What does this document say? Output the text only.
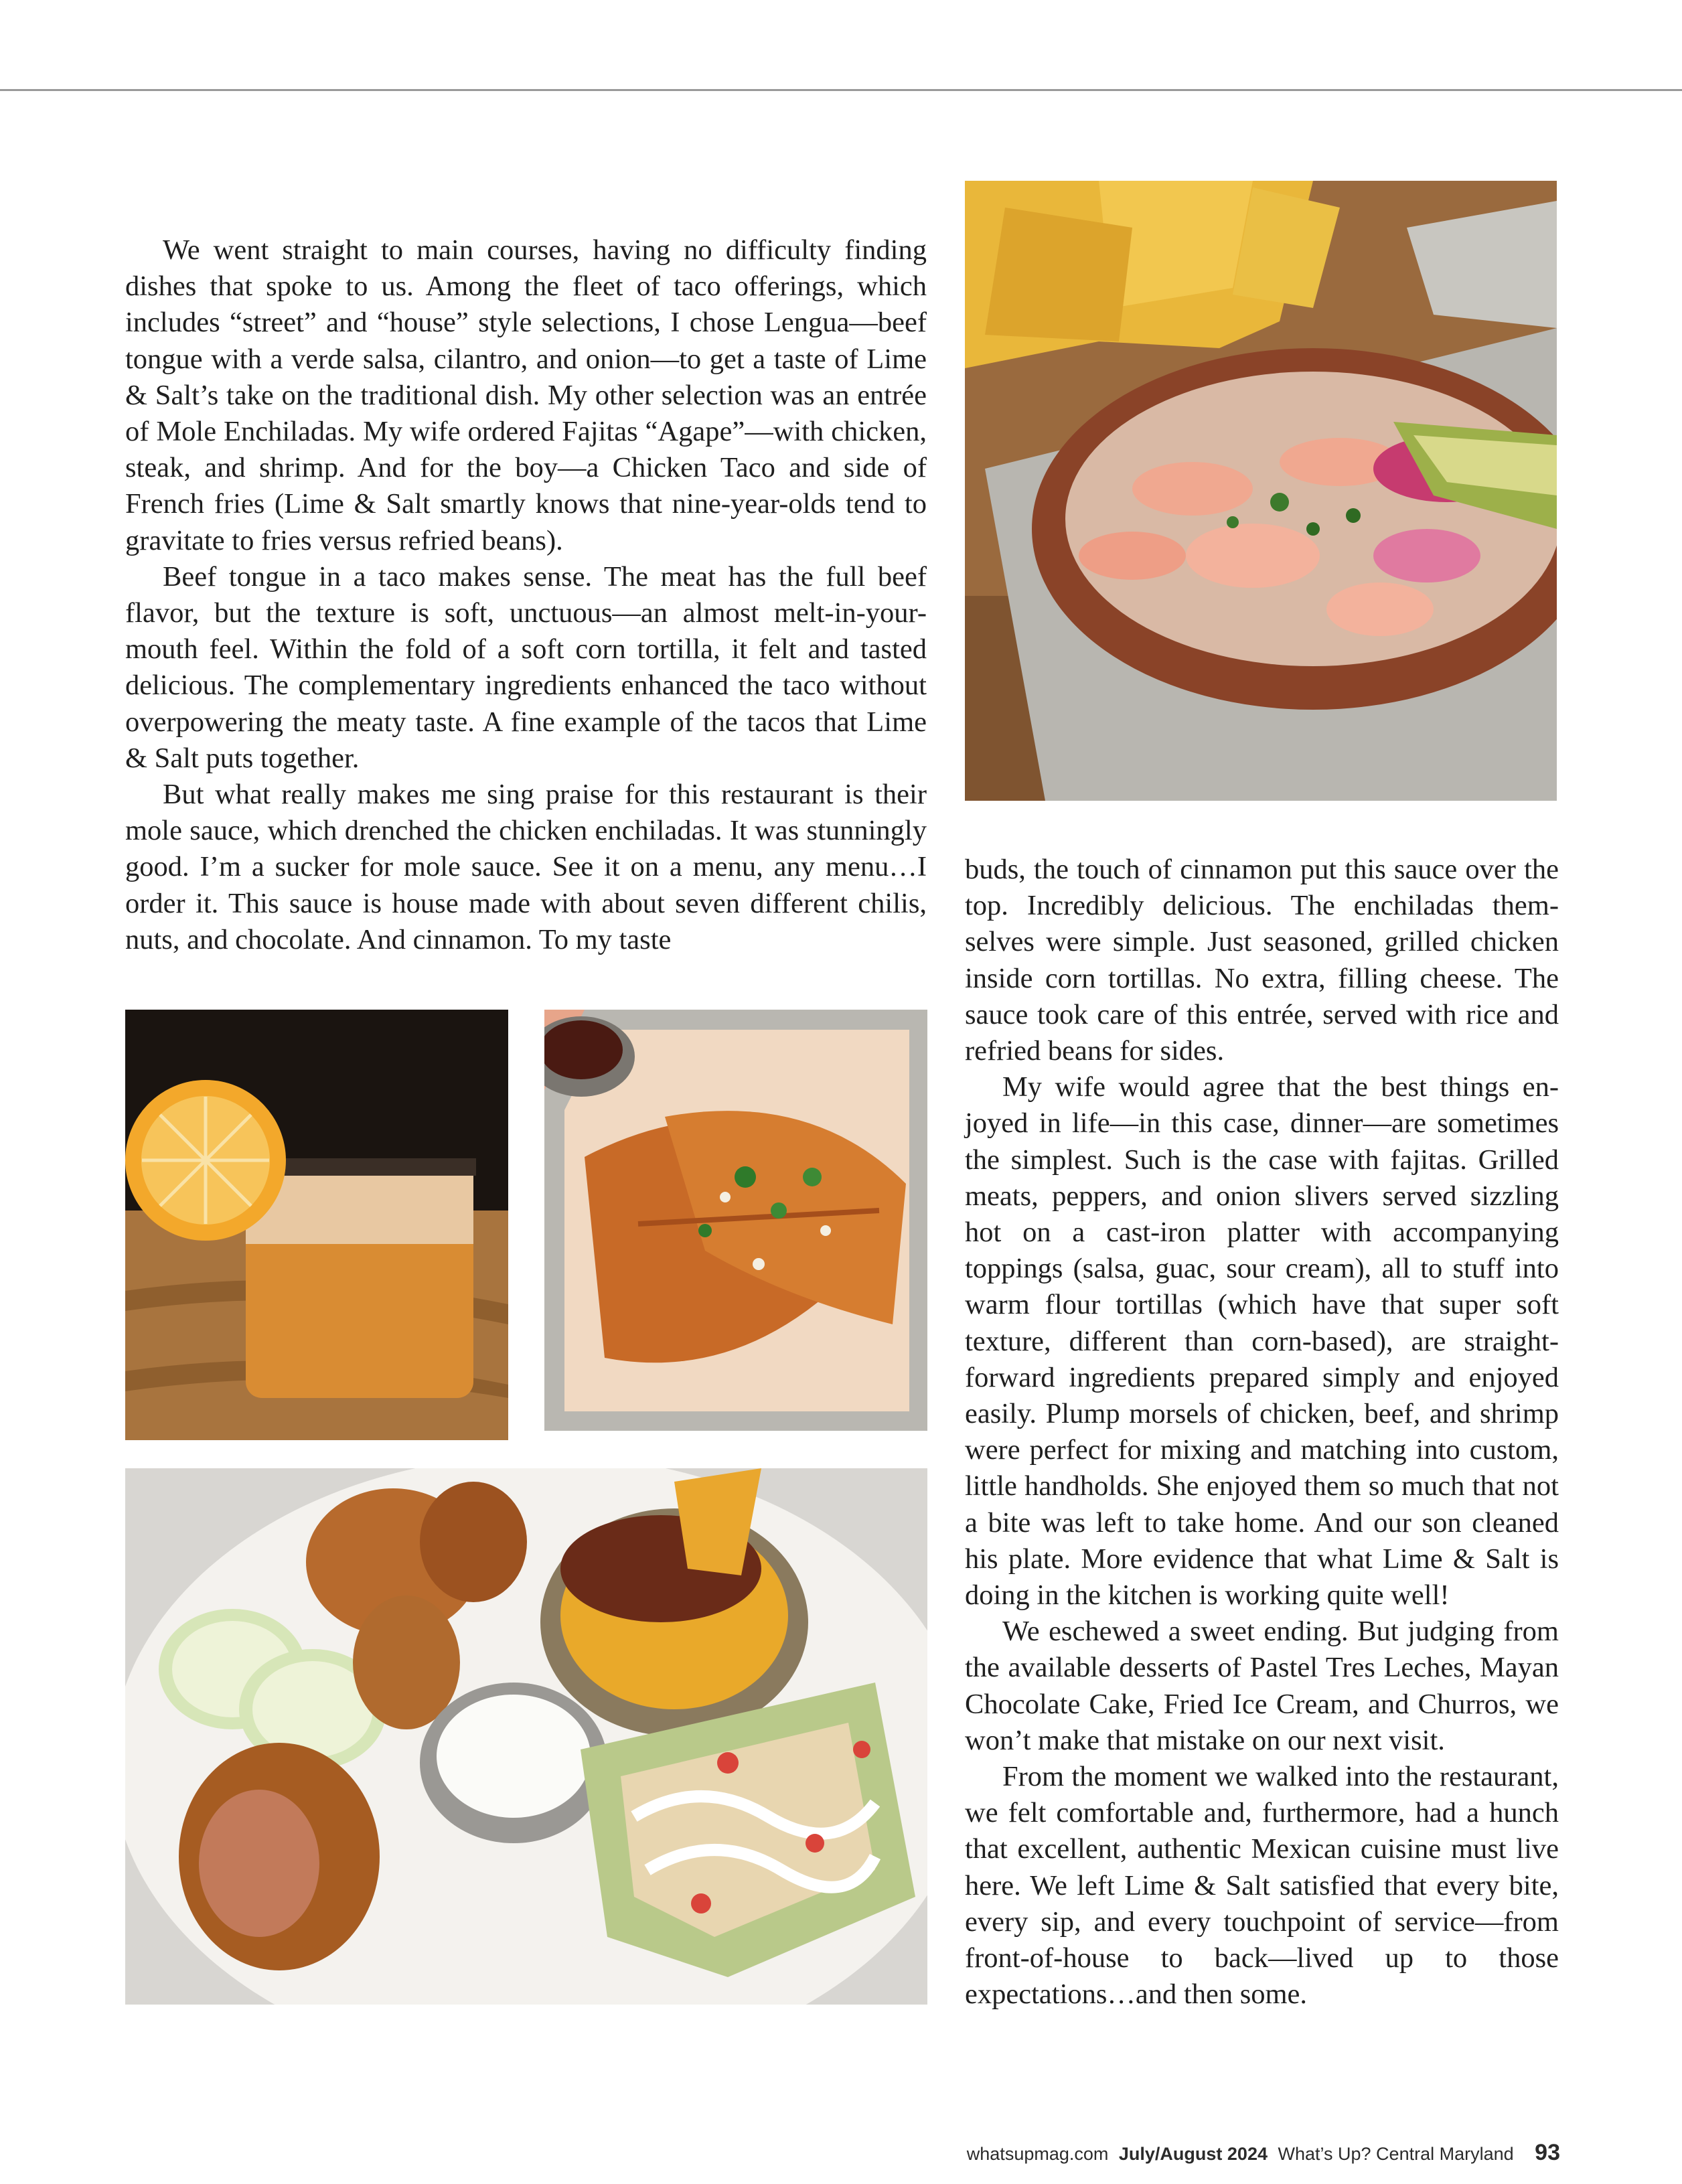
We went straight to main courses, having no difficulty finding dishes that spoke to us. Among the fleet of taco offerings, which includes “street” and “house” style selections, I chose Lengua—beef tongue with a verde salsa, cilantro, and onion—to get a taste of Lime & Salt’s take on the traditional dish. My other selection was an entrée of Mole Enchiladas. My wife ordered Fajitas “Agape”—with chicken, steak, and shrimp. And for the boy—a Chicken Taco and side of French fries (Lime & Salt smartly knows that nine-year-olds tend to gravitate to fries versus refried beans).

Beef tongue in a taco makes sense. The meat has the full beef flavor, but the texture is soft, unctuous—an almost melt-in-your-mouth feel. Within the fold of a soft corn tortilla, it felt and tasted delicious. The complementary ingredients enhanced the taco without overpowering the meaty taste. A fine example of the tacos that Lime & Salt puts together.

But what really makes me sing praise for this restaurant is their mole sauce, which drenched the chicken enchiladas. It was stunningly good. I’m a sucker for mole sauce. See it on a menu, any menu…I order it. This sauce is house made with about seven different chilis, nuts, and chocolate. And cinnamon. To my taste

buds, the touch of cinnamon put this sauce over the top. Incredibly delicious. The enchiladas themselves were simple. Just seasoned, grilled chicken inside corn tortillas. No extra, filling cheese. The sauce took care of this entrée, served with rice and refried beans for sides.

My wife would agree that the best things enjoyed in life—in this case, dinner—are sometimes the simplest. Such is the case with fajitas. Grilled meats, peppers, and onion slivers served sizzling hot on a cast-iron platter with accompanying toppings (salsa, guac, sour cream), all to stuff into warm flour tortillas (which have that super soft texture, different than corn-based), are straightforward ingredients prepared simply and enjoyed easily. Plump morsels of chicken, beef, and shrimp were perfect for mixing and matching into custom, little handholds. She enjoyed them so much that not a bite was left to take home. And our son cleaned his plate. More evidence that what Lime & Salt is doing in the kitchen is working quite well!

We eschewed a sweet ending. But judging from the available desserts of Pastel Tres Leches, Mayan Chocolate Cake, Fried Ice Cream, and Churros, we won’t make that mistake on our next visit.

From the moment we walked into the restaurant, we felt comfortable and, furthermore, had a hunch that excellent, authentic Mexican cuisine must live here. We left Lime & Salt satisfied that every bite, every sip, and every touchpoint of service—from front-of-house to back—lived up to those expectations…and then some.

whatsupmag.com July/August 2024 What’s Up? Central Maryland 93
